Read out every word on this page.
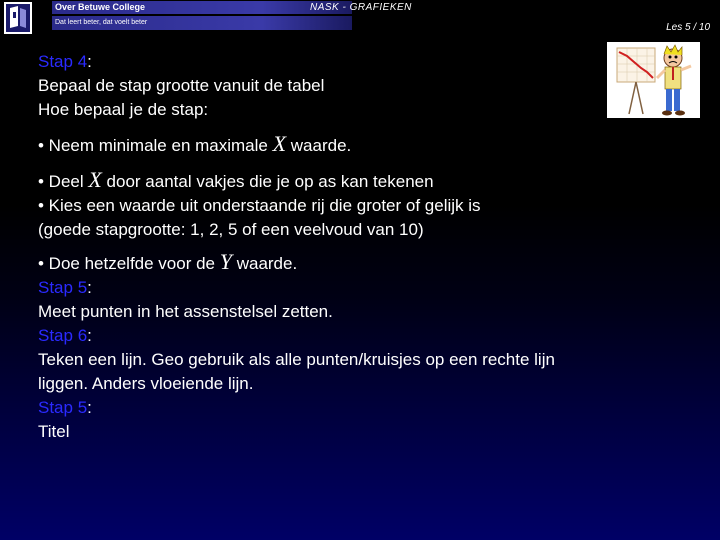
Over Betuwe College
Dat leert beter, dat voelt beter
NASK - GRAFIEKEN
Les 5 / 10

Stap 4:

Bepaal de stap grootte vanuit de tabel

Hoe bepaal je de stap:

• Neem minimale en maximale X waarde.

• Deel X door aantal vakjes die je op as kan tekenen

• Kies een waarde uit onderstaande rij die groter of gelijk is

(goede stapgrootte: 1, 2, 5 of een veelvoud van 10)

• Doe hetzelfde voor de Y waarde.

Stap 5:

Meet punten in het assenstelsel zetten.

Stap 6:

Teken een lijn. Geo gebruik als alle punten/kruisjes op een rechte lijn

liggen. Anders vloeiende lijn.

Stap 5:

Titel
